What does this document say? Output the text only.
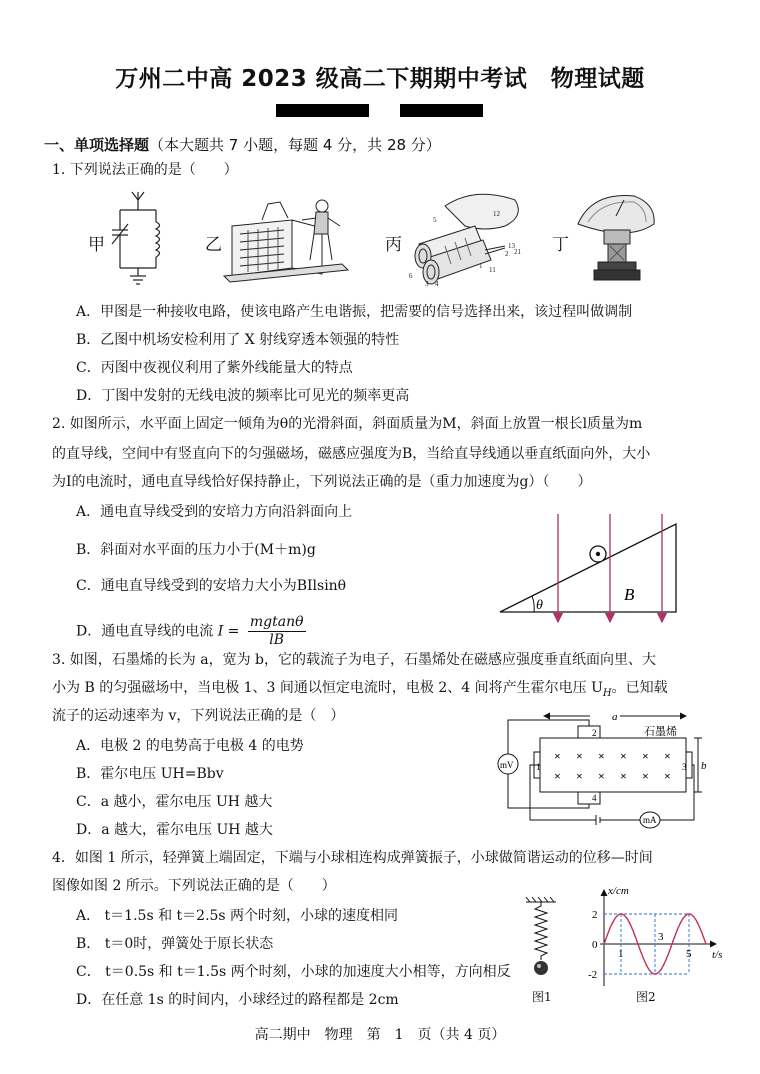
万州二中高 2023 级高二下期期中考试　物理试题
一、单项选择题（本大题共 7 小题，每题 4 分，共 28 分）
1. 下列说法正确的是（　　）
甲	乙	丙	丁
12
5
13
2 21
6
1 11
3 4
A．甲图是一种接收电路，使该电路产生电谐振，把需要的信号选择出来，该过程叫做调制
B．乙图中机场安检利用了 X 射线穿透本领强的特性
C．丙图中夜视仪利用了紫外线能量大的特点
D．丁图中发射的无线电波的频率比可见光的频率更高
2. 如图所示，水平面上固定一倾角为θ的光滑斜面，斜面质量为M，斜面上放置一根长l质量为m
的直导线，空间中有竖直向下的匀强磁场，磁感应强度为B，当给直导线通以垂直纸面向外，大小
为I的电流时，通电直导线恰好保持静止，下列说法正确的是（重力加速度为g）（　　）
A．通电直导线受到的安培力方向沿斜面向上
B．斜面对水平面的压力小于(M＋m)g
C．通电直导线受到的安培力大小为BIlsinθ
D．通电直导线的电流 $I = \frac{mgtan\theta}{lB}$
θ
B
3. 如图，石墨烯的长为 a，宽为 b，它的载流子为电子，石墨烯处在磁感应强度垂直纸面向里、大
小为 B 的匀强磁场中，当电极 1、3 间通以恒定电流时，电极 2、4 间将产生霍尔电压 $U_H$。已知载
流子的运动速率为 v，下列说法正确的是（　）
A．电极 2 的电势高于电极 4 的电势
B．霍尔电压 UH=Bbv
C．a 越小，霍尔电压 UH 越大
D．a 越大，霍尔电压 UH 越大
× × × × × ×
× × × × × ×
a
石墨烯
b
mV
mA
1
2
3
4
4．如图 1 所示，轻弹簧上端固定，下端与小球相连构成弹簧振子，小球做简谐运动的位移—时间
图像如图 2 所示。下列说法正确的是（　　）
A． t＝1.5s 和 t＝2.5s 两个时刻，小球的速度相同
B． t＝0时，弹簧处于原长状态
C． t＝0.5s 和 t＝1.5s 两个时刻，小球的加速度大小相等，方向相反
D．在任意 1s 的时间内，小球经过的路程都是 2cm	图1
x/cm
t/s
2
0
-2
1
3
5
图2
高二期中　物理　第　1　页（共 4 页）
